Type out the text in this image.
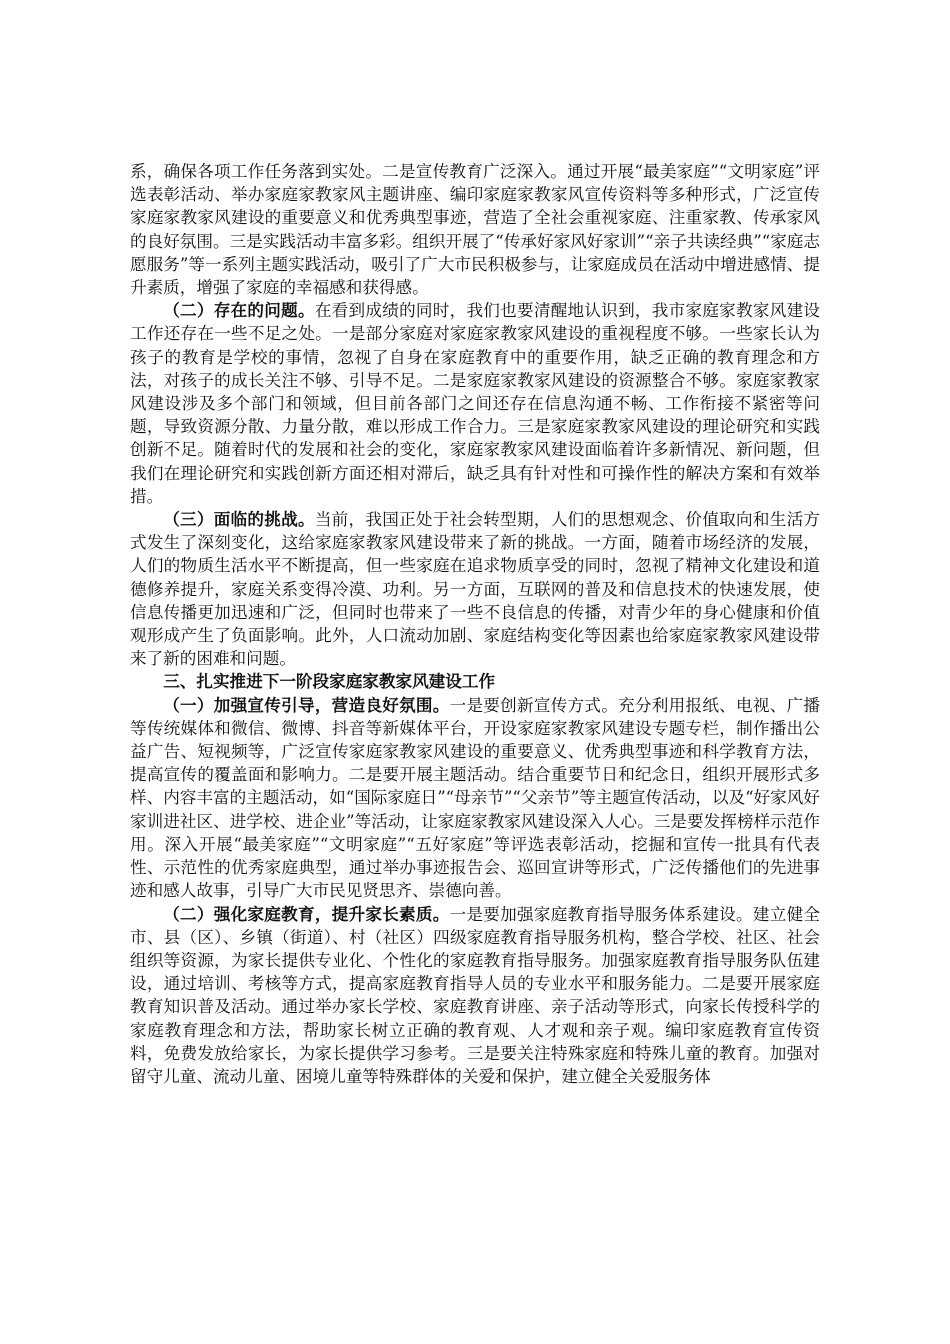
系，确保各项工作任务落到实处。二是宣传教育广泛深入。通过开展“最美家庭”“文明家庭”评选表彰活动、举办家庭家教家风主题讲座、编印家庭家教家风宣传资料等多种形式，广泛宣传家庭家教家风建设的重要意义和优秀典型事迹，营造了全社会重视家庭、注重家教、传承家风的良好氛围。三是实践活动丰富多彩。组织开展了“传承好家风好家训”“亲子共读经典”“家庭志愿服务”等一系列主题实践活动，吸引了广大市民积极参与，让家庭成员在活动中增进感情、提升素质，增强了家庭的幸福感和获得感。

（二）存在的问题。在看到成绩的同时，我们也要清醒地认识到，我市家庭家教家风建设工作还存在一些不足之处。一是部分家庭对家庭家教家风建设的重视程度不够。一些家长认为孩子的教育是学校的事情，忽视了自身在家庭教育中的重要作用，缺乏正确的教育理念和方法，对孩子的成长关注不够、引导不足。二是家庭家教家风建设的资源整合不够。家庭家教家风建设涉及多个部门和领域，但目前各部门之间还存在信息沟通不畅、工作衔接不紧密等问题，导致资源分散、力量分散，难以形成工作合力。三是家庭家教家风建设的理论研究和实践创新不足。随着时代的发展和社会的变化，家庭家教家风建设面临着许多新情况、新问题，但我们在理论研究和实践创新方面还相对滞后，缺乏具有针对性和可操作性的解决方案和有效举措。

（三）面临的挑战。当前，我国正处于社会转型期，人们的思想观念、价值取向和生活方式发生了深刻变化，这给家庭家教家风建设带来了新的挑战。一方面，随着市场经济的发展，人们的物质生活水平不断提高，但一些家庭在追求物质享受的同时，忽视了精神文化建设和道德修养提升，家庭关系变得冷漠、功利。另一方面，互联网的普及和信息技术的快速发展，使信息传播更加迅速和广泛，但同时也带来了一些不良信息的传播，对青少年的身心健康和价值观形成产生了负面影响。此外，人口流动加剧、家庭结构变化等因素也给家庭家教家风建设带来了新的困难和问题。

三、扎实推进下一阶段家庭家教家风建设工作

（一）加强宣传引导，营造良好氛围。一是要创新宣传方式。充分利用报纸、电视、广播等传统媒体和微信、微博、抖音等新媒体平台，开设家庭家教家风建设专题专栏，制作播出公益广告、短视频等，广泛宣传家庭家教家风建设的重要意义、优秀典型事迹和科学教育方法，提高宣传的覆盖面和影响力。二是要开展主题活动。结合重要节日和纪念日，组织开展形式多样、内容丰富的主题活动，如“国际家庭日”“母亲节”“父亲节”等主题宣传活动，以及“好家风好家训进社区、进学校、进企业”等活动，让家庭家教家风建设深入人心。三是要发挥榜样示范作用。深入开展“最美家庭”“文明家庭”“五好家庭”等评选表彰活动，挖掘和宣传一批具有代表性、示范性的优秀家庭典型，通过举办事迹报告会、巡回宣讲等形式，广泛传播他们的先进事迹和感人故事，引导广大市民见贤思齐、崇德向善。

（二）强化家庭教育，提升家长素质。一是要加强家庭教育指导服务体系建设。建立健全市、县（区）、乡镇（街道）、村（社区）四级家庭教育指导服务机构，整合学校、社区、社会组织等资源，为家长提供专业化、个性化的家庭教育指导服务。加强家庭教育指导服务队伍建设，通过培训、考核等方式，提高家庭教育指导人员的专业水平和服务能力。二是要开展家庭教育知识普及活动。通过举办家长学校、家庭教育讲座、亲子活动等形式，向家长传授科学的家庭教育理念和方法，帮助家长树立正确的教育观、人才观和亲子观。编印家庭教育宣传资料，免费发放给家长，为家长提供学习参考。三是要关注特殊家庭和特殊儿童的教育。加强对留守儿童、流动儿童、困境儿童等特殊群体的关爱和保护，建立健全关爱服务体
